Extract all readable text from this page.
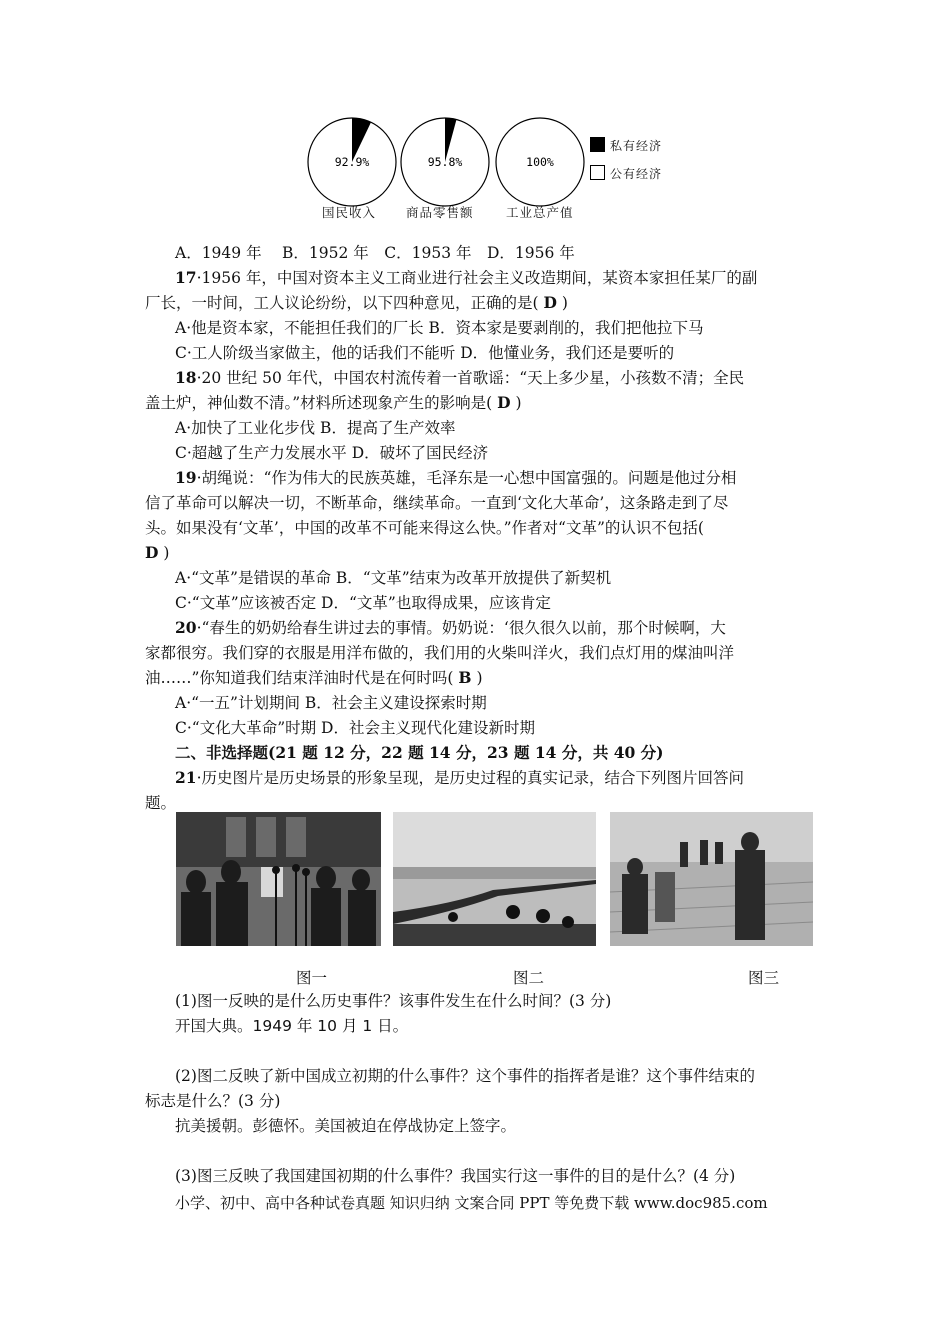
92.9%	95.8%	100%
私有经济
公有经济
国民收入 商品零售额	工业总产值
A．1949 年　 B．1952 年　C．1953 年　D．1956 年
17·1956 年，中国对资本主义工商业进行社会主义改造期间，某资本家担任某厂的副
厂长，一时间，工人议论纷纷，以下四种意见，正确的是( D )
A·他是资本家，不能担任我们的厂长 B．资本家是要剥削的，我们把他拉下马
C·工人阶级当家做主，他的话我们不能听 D．他懂业务，我们还是要听的
18·20 世纪 50 年代，中国农村流传着一首歌谣：“天上多少星，小孩数不清；全民
盖土炉，神仙数不清。”材料所述现象产生的影响是( D )
A·加快了工业化步伐 B．提高了生产效率
C·超越了生产力发展水平 D．破坏了国民经济
19·胡绳说：“作为伟大的民族英雄，毛泽东是一心想中国富强的。问题是他过分相
信了革命可以解决一切，不断革命，继续革命。一直到‘文化大革命’，这条路走到了尽
头。如果没有‘文革’，中国的改革不可能来得这么快。”作者对“文革”的认识不包括(
D )
A·“文革”是错误的革命 B．“文革”结束为改革开放提供了新契机
C·“文革”应该被否定 D．“文革”也取得成果，应该肯定
20·“春生的奶奶给春生讲过去的事情。奶奶说：‘很久很久以前，那个时候啊，大
家都很穷。我们穿的衣服是用洋布做的，我们用的火柴叫洋火，我们点灯用的煤油叫洋
油……”你知道我们结束洋油时代是在何时吗( B )
A·“一五”计划期间 B．社会主义建设探索时期
C·“文化大革命”时期 D．社会主义现代化建设新时期
二、非选择题(21 题 12 分，22 题 14 分，23 题 14 分，共 40 分)
21·历史图片是历史场景的形象呈现，是历史过程的真实记录，结合下列图片回答问
题。
图一	图二	图三
(1)图一反映的是什么历史事件？该事件发生在什么时间？(3 分)
开国大典。1949 年 10 月 1 日。
(2)图二反映了新中国成立初期的什么事件？这个事件的指挥者是谁？这个事件结束的
标志是什么？(3 分)
抗美援朝。彭德怀。美国被迫在停战协定上签字。
(3)图三反映了我国建国初期的什么事件？我国实行这一事件的目的是什么？(4 分)
小学、初中、高中各种试卷真题 知识归纳 文案合同 PPT 等免费下载 www.doc985.com
